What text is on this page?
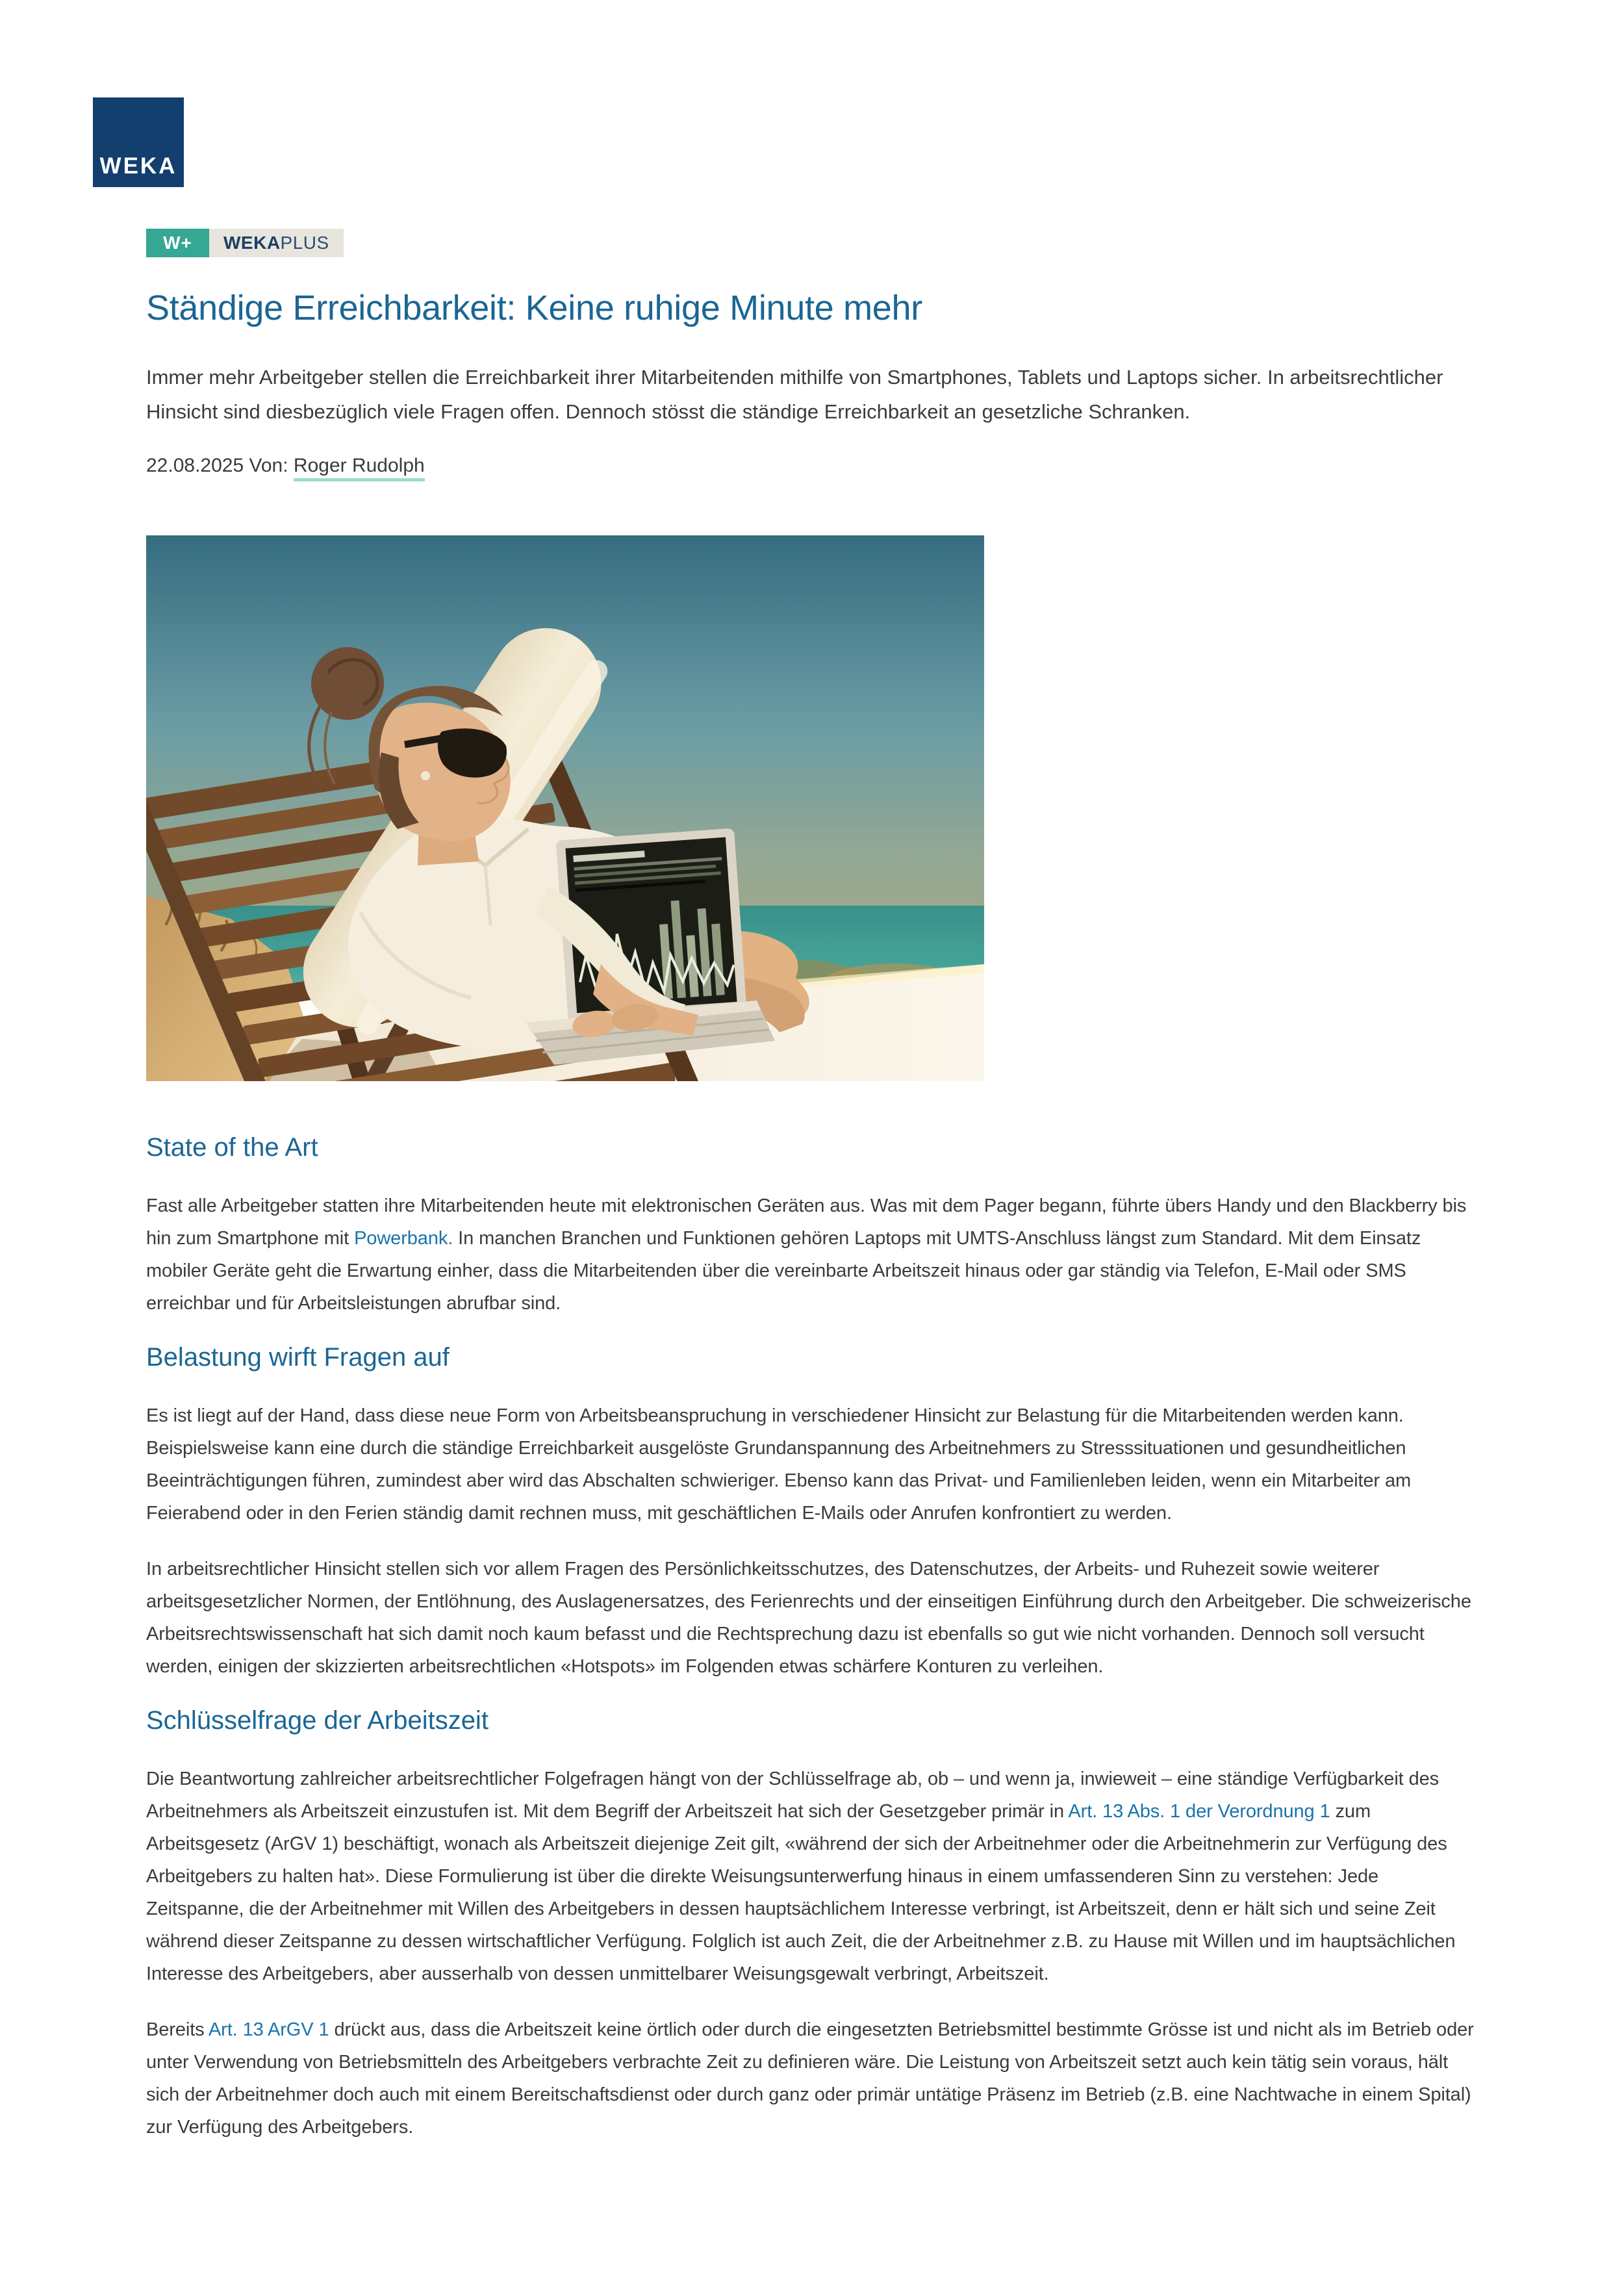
WEKA
W+	WEKAPLUS
Ständige Erreichbarkeit: Keine ruhige Minute mehr

Immer mehr Arbeitgeber stellen die Erreichbarkeit ihrer Mitarbeitenden mithilfe von Smartphones, Tablets und Laptops sicher. In arbeitsrechtlicher Hinsicht sind diesbezüglich viele Fragen offen. Dennoch stösst die ständige Erreichbarkeit an gesetzliche Schranken.

22.08.2025 Von: Roger Rudolph
State of the Art

Fast alle Arbeitgeber statten ihre Mitarbeitenden heute mit elektronischen Geräten aus. Was mit dem Pager begann, führte übers Handy und den Blackberry bis hin zum Smartphone mit Powerbank. In manchen Branchen und Funktionen gehören Laptops mit UMTS-Anschluss längst zum Standard. Mit dem Einsatz mobiler Geräte geht die Erwartung einher, dass die Mitarbeitenden über die vereinbarte Arbeitszeit hinaus oder gar ständig via Telefon, E-Mail oder SMS erreichbar und für Arbeitsleistungen abrufbar sind.

Belastung wirft Fragen auf

Es ist liegt auf der Hand, dass diese neue Form von Arbeitsbeanspruchung in verschiedener Hinsicht zur Belastung für die Mitarbeitenden werden kann. Beispielsweise kann eine durch die ständige Erreichbarkeit ausgelöste Grundanspannung des Arbeitnehmers zu Stresssituationen und gesundheitlichen Beeinträchtigungen führen, zumindest aber wird das Abschalten schwieriger. Ebenso kann das Privat- und Familienleben leiden, wenn ein Mitarbeiter am Feierabend oder in den Ferien ständig damit rechnen muss, mit geschäftlichen E-Mails oder Anrufen konfrontiert zu werden.

In arbeitsrechtlicher Hinsicht stellen sich vor allem Fragen des Persönlichkeitsschutzes, des Datenschutzes, der Arbeits- und Ruhezeit sowie weiterer arbeitsgesetzlicher Normen, der Entlöhnung, des Auslagenersatzes, des Ferienrechts und der einseitigen Einführung durch den Arbeitgeber. Die schweizerische Arbeitsrechtswissenschaft hat sich damit noch kaum befasst und die Rechtsprechung dazu ist ebenfalls so gut wie nicht vorhanden. Dennoch soll versucht werden, einigen der skizzierten arbeitsrechtlichen «Hotspots» im Folgenden etwas schärfere Konturen zu verleihen.

Schlüsselfrage der Arbeitszeit

Die Beantwortung zahlreicher arbeitsrechtlicher Folgefragen hängt von der Schlüsselfrage ab, ob – und wenn ja, inwieweit – eine ständige Verfügbarkeit des Arbeitnehmers als Arbeitszeit einzustufen ist. Mit dem Begriff der Arbeitszeit hat sich der Gesetzgeber primär in Art. 13 Abs. 1 der Verordnung 1 zum Arbeitsgesetz (ArGV 1) beschäftigt, wonach als Arbeitszeit diejenige Zeit gilt, «während der sich der Arbeitnehmer oder die Arbeitnehmerin zur Verfügung des Arbeitgebers zu halten hat». Diese Formulierung ist über die direkte Weisungsunterwerfung hinaus in einem umfassenderen Sinn zu verstehen: Jede Zeitspanne, die der Arbeitnehmer mit Willen des Arbeitgebers in dessen hauptsächlichem Interesse verbringt, ist Arbeitszeit, denn er hält sich und seine Zeit während dieser Zeitspanne zu dessen wirtschaftlicher Verfügung. Folglich ist auch Zeit, die der Arbeitnehmer z.B. zu Hause mit Willen und im hauptsächlichen Interesse des Arbeitgebers, aber ausserhalb von dessen unmittelbarer Weisungsgewalt verbringt, Arbeitszeit.

Bereits Art. 13 ArGV 1 drückt aus, dass die Arbeitszeit keine örtlich oder durch die eingesetzten Betriebsmittel bestimmte Grösse ist und nicht als im Betrieb oder unter Verwendung von Betriebsmitteln des Arbeitgebers verbrachte Zeit zu definieren wäre. Die Leistung von Arbeitszeit setzt auch kein tätig sein voraus, hält sich der Arbeitnehmer doch auch mit einem Bereitschaftsdienst oder durch ganz oder primär untätige Präsenz im Betrieb (z.B. eine Nachtwache in einem Spital) zur Verfügung des Arbeitgebers.
